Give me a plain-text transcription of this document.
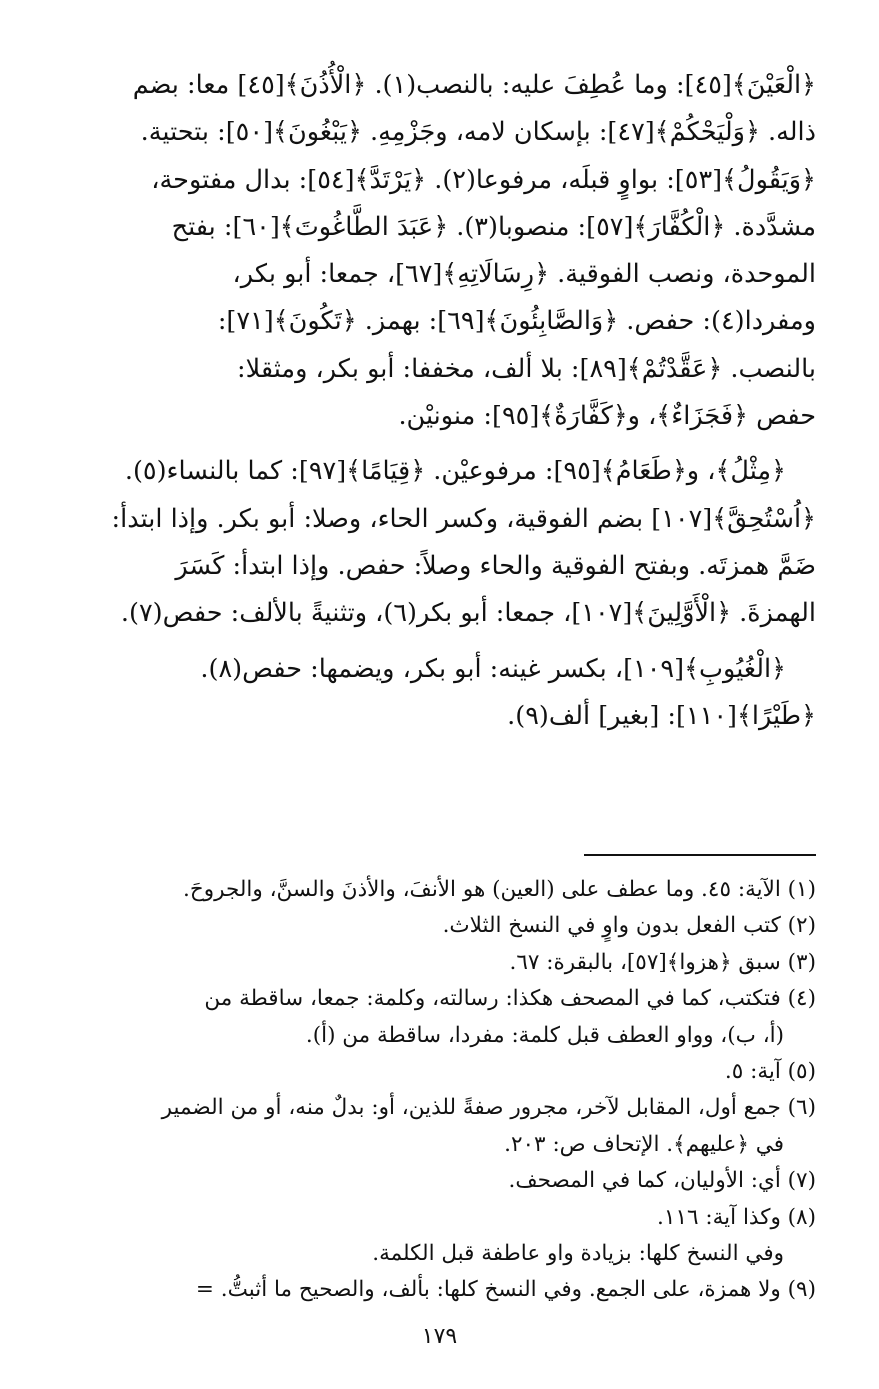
﴿الْعَيْنَ﴾[٤٥]: وما عُطِفَ عليه: بالنصب(١). ﴿الْأُذُنَ﴾[٤٥] معا: بضم

ذاله. ﴿وَلْيَحْكُمْ﴾[٤٧]: بإسكان لامه، وجَزْمِهِ. ﴿يَبْغُونَ﴾[٥٠]: بتحتية.

﴿وَيَقُولُ﴾[٥٣]: بواوٍ قبلَه، مرفوعا(٢). ﴿يَرْتَدَّ﴾[٥٤]: بدال مفتوحة،

مشدَّدة. ﴿الْكُفَّارَ﴾[٥٧]: منصوبا(٣). ﴿عَبَدَ الطَّاغُوتَ﴾[٦٠]: بفتح

الموحدة، ونصب الفوقية. ﴿رِسَالَاتِهِ﴾[٦٧]، جمعا: أبو بكر،

ومفردا(٤): حفص. ﴿وَالصَّابِئُونَ﴾[٦٩]: بهمز. ﴿تَكُونَ﴾[٧١]:

بالنصب. ﴿عَقَّدْتُمْ﴾[٨٩]: بلا ألف، مخففا: أبو بكر، ومثقلا:

حفص ﴿فَجَزَاءٌ﴾، و﴿كَفَّارَةٌ﴾[٩٥]: منونيْن.

﴿مِثْلُ﴾، و﴿طَعَامُ﴾[٩٥]: مرفوعيْن. ﴿قِيَامًا﴾[٩٧]: كما بالنساء(٥).

﴿اُسْتُحِقَّ﴾[١٠٧] بضم الفوقية، وكسر الحاء، وصلا: أبو بكر. وإذا ابتدأ:

ضَمَّ همزتَه. وبفتح الفوقية والحاء وصلاً: حفص. وإذا ابتدأ: كَسَرَ

الهمزةَ. ﴿الْأَوَّلِينَ﴾[١٠٧]، جمعا: أبو بكر(٦)، وتثنيةً بالألف: حفص(٧).

﴿الْغُيُوبِ﴾[١٠٩]، بكسر غينه: أبو بكر، ويضمها: حفص(٨).

﴿طَيْرًا﴾[١١٠]: [بغير] ألف(٩).

(١) الآية: ٤٥. وما عطف على (العين) هو الأنفَ، والأذنَ والسنَّ، والجروحَ.

(٢) كتب الفعل بدون واوٍ في النسخ الثلاث.

(٣) سبق ﴿هزوا﴾[٥٧]، بالبقرة: ٦٧.

(٤) فتكتب، كما في المصحف هكذا: رسالته، وكلمة: جمعا، ساقطة من

(أ، ب)، وواو العطف قبل كلمة: مفردا، ساقطة من (أ).

(٥) آية: ٥.

(٦) جمع أول، المقابل لآخر، مجرور صفةً للذين، أو: بدلٌ منه، أو من الضمير

في ﴿عليهم﴾. الإتحاف ص: ٢٠٣.

(٧) أي: الأوليان، كما في المصحف.

(٨) وكذا آية: ١١٦.

وفي النسخ كلها: بزيادة واو عاطفة قبل الكلمة.

(٩) ولا همزة، على الجمع. وفي النسخ كلها: بألف، والصحيح ما أثبتُّ. =

١٧٩
